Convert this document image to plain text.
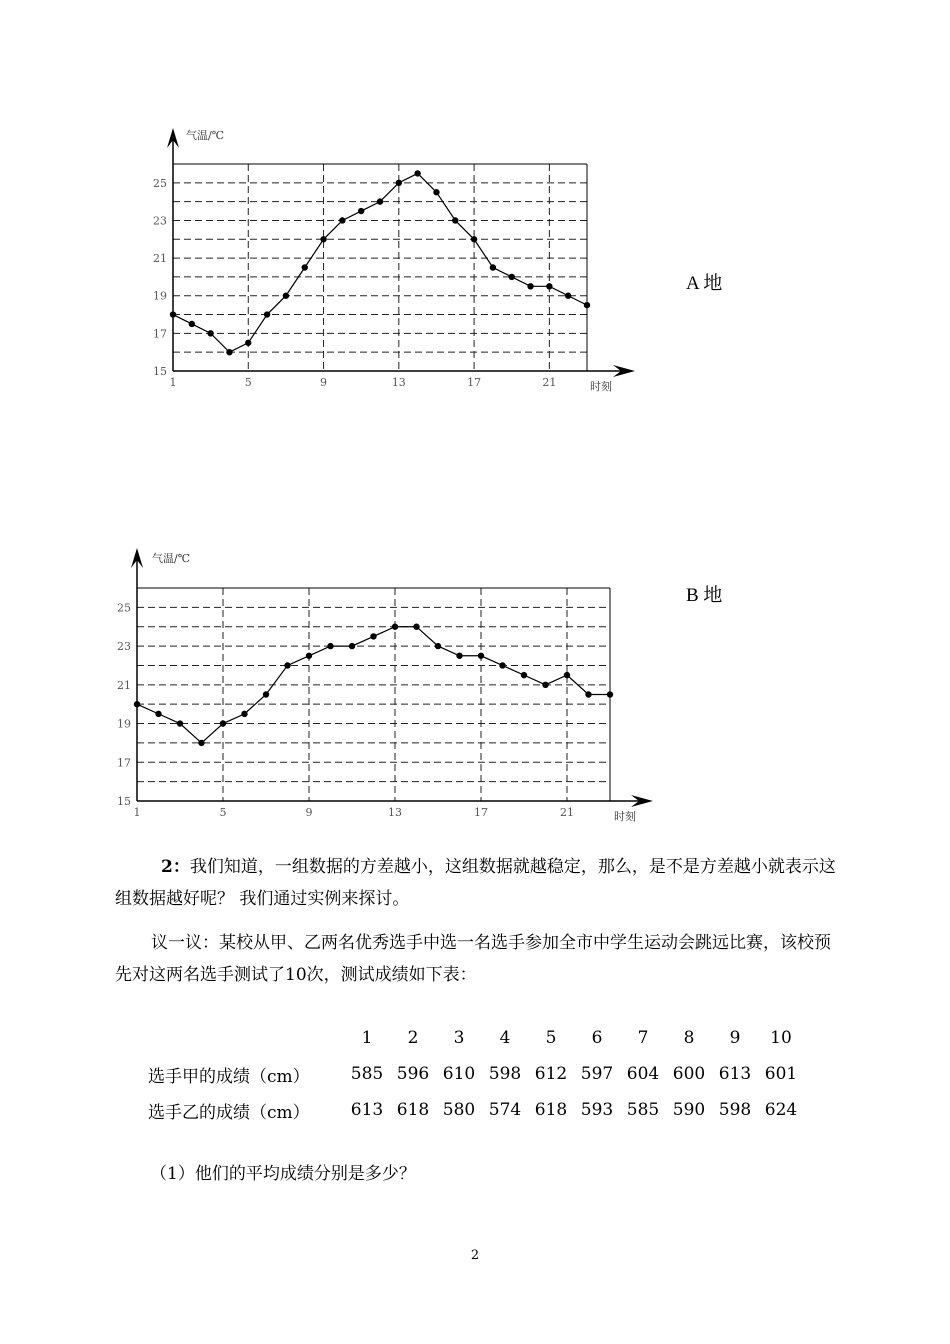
15
17
19
21
23
25
1	5	9	13	17	21
气温/℃
时刻
A 地
15
17
19
21
23
25
1	5	9	13	17	21
气温/℃
时刻
B 地

2：我们知道，一组数据的方差越小，这组数据就越稳定，那么，是不是方差越小就表示这组数据越好呢？ 我们通过实例来探讨。

议一议：某校从甲、乙两名优秀选手中选一名选手参加全市中学生运动会跳远比赛，该校预先对这两名选手测试了10次，测试成绩如下表：

	1	2	3	4	5	6	7	8	9	10
选手甲的成绩（cm）	585	596	610	598	612	597	604	600	613	601
选手乙的成绩（cm）	613	618	580	574	618	593	585	590	598	624

（1）他们的平均成绩分别是多少？

2
